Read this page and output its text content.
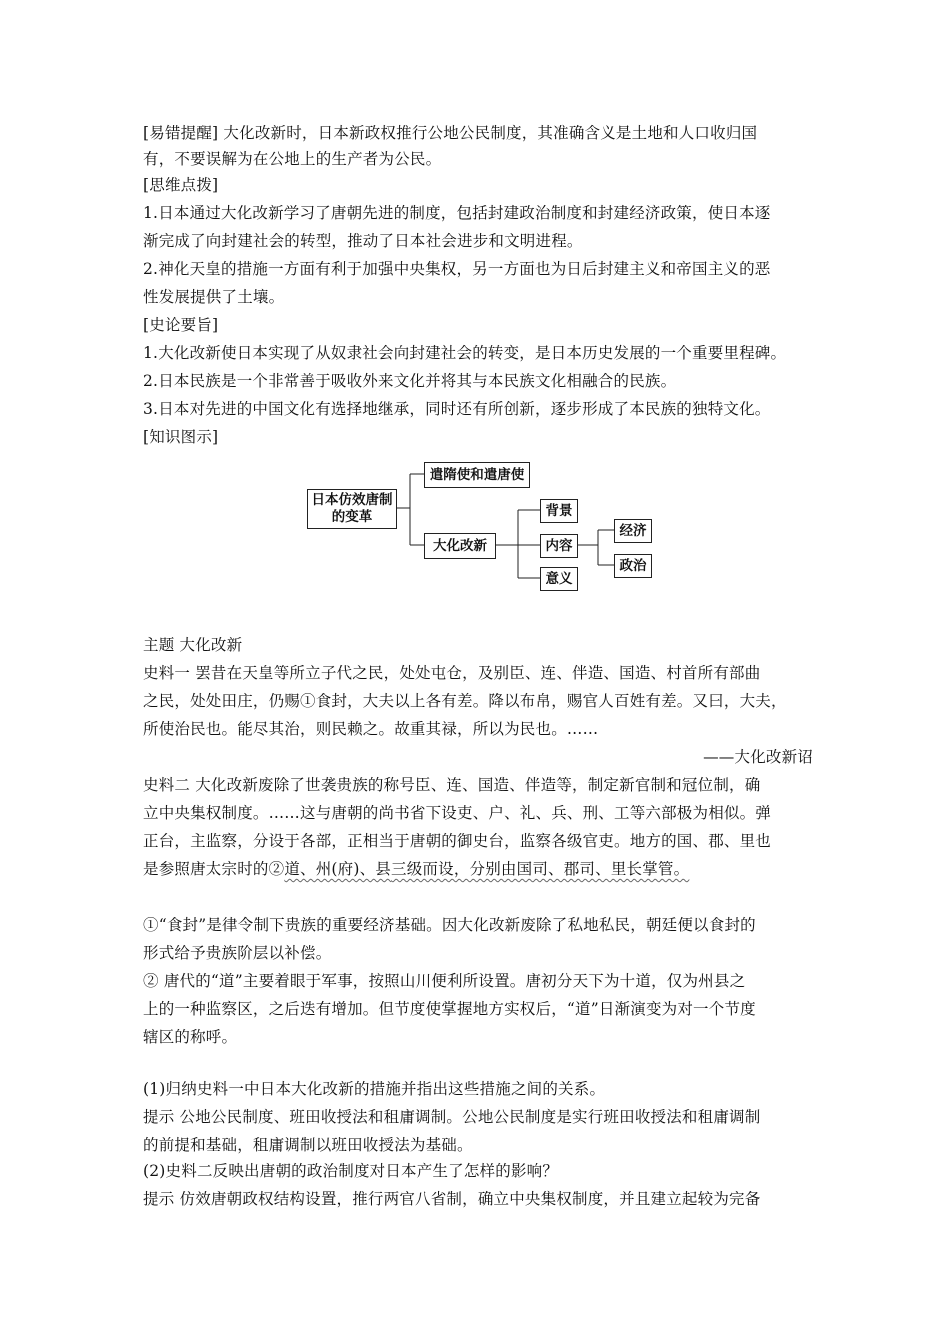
[易错提醒] 大化改新时，日本新政权推行公地公民制度，其准确含义是土地和人口收归国
有，不要误解为在公地上的生产者为公民。
[思维点拨]
1.日本通过大化改新学习了唐朝先进的制度，包括封建政治制度和封建经济政策，使日本逐
渐完成了向封建社会的转型，推动了日本社会进步和文明进程。
2.神化天皇的措施一方面有利于加强中央集权，另一方面也为日后封建主义和帝国主义的恶
性发展提供了土壤。
[史论要旨]
1.大化改新使日本实现了从奴隶社会向封建社会的转变，是日本历史发展的一个重要里程碑。
2.日本民族是一个非常善于吸收外来文化并将其与本民族文化相融合的民族。
3.日本对先进的中国文化有选择地继承，同时还有所创新，逐步形成了本民族的独特文化。
[知识图示]
日本仿效唐制的变革
遣隋使和遣唐使
大化改新
背景
内容
意义
经济
政治
主题 大化改新
史料一 罢昔在天皇等所立子代之民，处处屯仓，及别臣、连、伴造、国造、村首所有部曲
之民，处处田庄，仍赐①食封，大夫以上各有差。降以布帛，赐官人百姓有差。又曰，大夫，
所使治民也。能尽其治，则民赖之。故重其禄，所以为民也。……
——大化改新诏
史料二 大化改新废除了世袭贵族的称号臣、连、国造、伴造等，制定新官制和冠位制，确
立中央集权制度。……这与唐朝的尚书省下设吏、户、礼、兵、刑、工等六部极为相似。弹
正台，主监察，分设于各部，正相当于唐朝的御史台，监察各级官吏。地方的国、郡、里也
是参照唐太宗时的②道、州(府)、县三级而设，分别由国司、郡司、里长掌管。
①“食封”是律令制下贵族的重要经济基础。因大化改新废除了私地私民，朝廷便以食封的
形式给予贵族阶层以补偿。
② 唐代的“道”主要着眼于军事，按照山川便利所设置。唐初分天下为十道，仅为州县之
上的一种监察区，之后迭有增加。但节度使掌握地方实权后，“道”日渐演变为对一个节度
辖区的称呼。
(1)归纳史料一中日本大化改新的措施并指出这些措施之间的关系。
提示 公地公民制度、班田收授法和租庸调制。公地公民制度是实行班田收授法和租庸调制
的前提和基础，租庸调制以班田收授法为基础。
(2)史料二反映出唐朝的政治制度对日本产生了怎样的影响？
提示 仿效唐朝政权结构设置，推行两官八省制，确立中央集权制度，并且建立起较为完备
